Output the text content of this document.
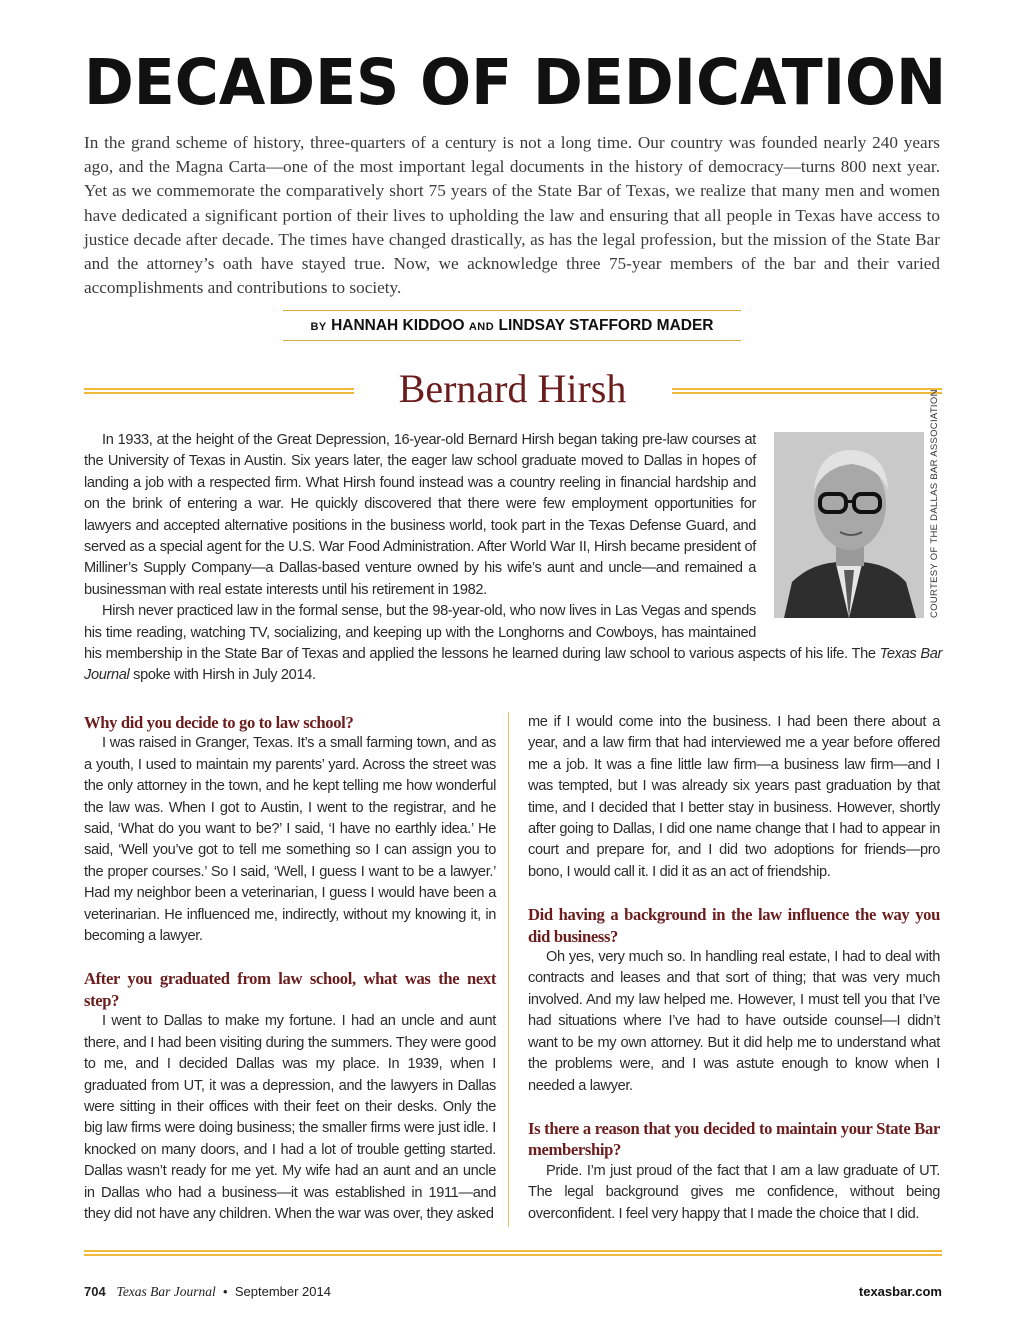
DECADES OF DEDICATION

In the grand scheme of history, three-quarters of a century is not a long time. Our country was founded nearly 240 years ago, and the Magna Carta—one of the most important legal documents in the history of democracy—turns 800 next year. Yet as we commemorate the comparatively short 75 years of the State Bar of Texas, we realize that many men and women have dedicated a significant portion of their lives to upholding the law and ensuring that all people in Texas have access to justice decade after decade. The times have changed drastically, as has the legal profession, but the mission of the State Bar and the attorney’s oath have stayed true. Now, we acknowledge three 75-year members of the bar and their varied accomplishments and contributions to society.

BY HANNAH KIDDOO AND LINDSAY STAFFORD MADER
Bernard Hirsh
COURTESY OF THE DALLAS BAR ASSOCIATION

In 1933, at the height of the Great Depression, 16-year-old Bernard Hirsh began taking pre-law courses at the University of Texas in Austin. Six years later, the eager law school graduate moved to Dallas in hopes of landing a job with a respected firm. What Hirsh found instead was a country reeling in financial hardship and on the brink of entering a war. He quickly discovered that there were few employment opportunities for lawyers and accepted alternative positions in the business world, took part in the Texas Defense Guard, and served as a special agent for the U.S. War Food Administration. After World War II, Hirsh became president of Milliner’s Supply Company—a Dallas-based venture owned by his wife’s aunt and uncle—and remained a businessman with real estate interests until his retirement in 1982.

Hirsh never practiced law in the formal sense, but the 98-year-old, who now lives in Las Vegas and spends his time reading, watching TV, socializing, and keeping up with the Longhorns and Cowboys, has maintained his membership in the State Bar of Texas and applied the lessons he learned during law school to various aspects of his life. The Texas Bar Journal spoke with Hirsh in July 2014.

Why did you decide to go to law school?

I was raised in Granger, Texas. It’s a small farming town, and as a youth, I used to maintain my parents’ yard. Across the street was the only attorney in the town, and he kept telling me how wonderful the law was. When I got to Austin, I went to the registrar, and he said, ‘What do you want to be?’ I said, ‘I have no earthly idea.’ He said, ‘Well you’ve got to tell me something so I can assign you to the proper courses.’ So I said, ‘Well, I guess I want to be a lawyer.’ Had my neighbor been a veterinarian, I guess I would have been a veterinarian. He influenced me, indirectly, without my knowing it, in becoming a lawyer.

After you graduated from law school, what was the next step?

I went to Dallas to make my fortune. I had an uncle and aunt there, and I had been visiting during the summers. They were good to me, and I decided Dallas was my place. In 1939, when I graduated from UT, it was a depression, and the lawyers in Dallas were sitting in their offices with their feet on their desks. Only the big law firms were doing business; the smaller firms were just idle. I knocked on many doors, and I had a lot of trouble getting started. Dallas wasn’t ready for me yet. My wife had an aunt and an uncle in Dallas who had a business—it was established in 1911—and they did not have any children. When the war was over, they asked

me if I would come into the business. I had been there about a year, and a law firm that had interviewed me a year before offered me a job. It was a fine little law firm—a business law firm—and I was tempted, but I was already six years past graduation by that time, and I decided that I better stay in business. However, shortly after going to Dallas, I did one name change that I had to appear in court and prepare for, and I did two adoptions for friends—pro bono, I would call it. I did it as an act of friendship.

Did having a background in the law influence the way you did business?

Oh yes, very much so. In handling real estate, I had to deal with contracts and leases and that sort of thing; that was very much involved. And my law helped me. However, I must tell you that I’ve had situations where I’ve had to have outside counsel—I didn’t want to be my own attorney. But it did help me to understand what the problems were, and I was astute enough to know when I needed a lawyer.

Is there a reason that you decided to maintain your State Bar membership?

Pride. I’m just proud of the fact that I am a law graduate of UT. The legal background gives me confidence, without being overconfident. I feel very happy that I made the choice that I did.

704 Texas Bar Journal • September 2014	texasbar.com
